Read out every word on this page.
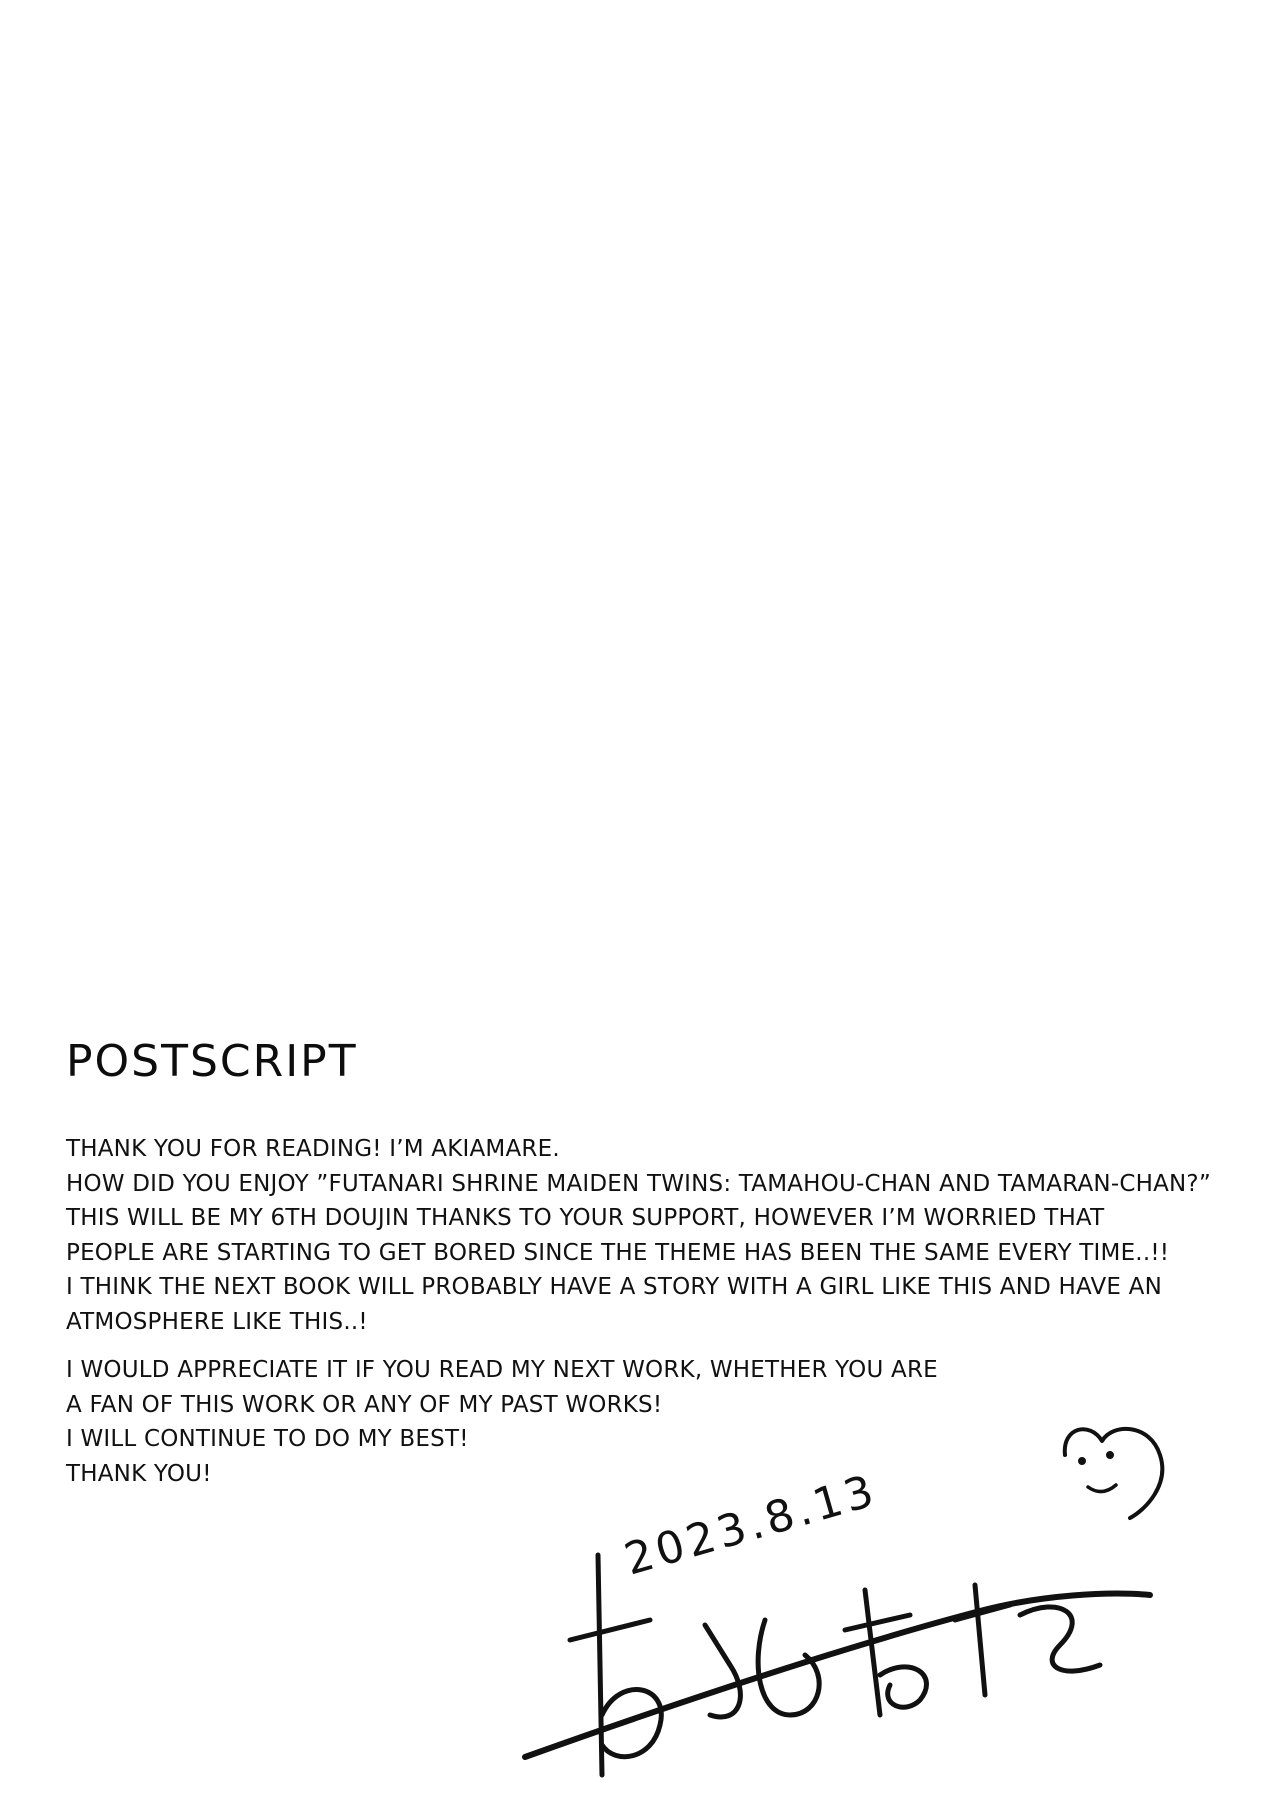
POSTSCRIPT

THANK YOU FOR READING! I’M AKIAMARE.
HOW DID YOU ENJOY ”FUTANARI SHRINE MAIDEN TWINS: TAMAHOU-CHAN AND TAMARAN-CHAN?”
THIS WILL BE MY 6TH DOUJIN THANKS TO YOUR SUPPORT, HOWEVER I’M WORRIED THAT
PEOPLE ARE STARTING TO GET BORED SINCE THE THEME HAS BEEN THE SAME EVERY TIME..!!
I THINK THE NEXT BOOK WILL PROBABLY HAVE A STORY WITH A GIRL LIKE THIS AND HAVE AN
ATMOSPHERE LIKE THIS..!

I WOULD APPRECIATE IT IF YOU READ MY NEXT WORK, WHETHER YOU ARE
A FAN OF THIS WORK OR ANY OF MY PAST WORKS!
I WILL CONTINUE TO DO MY BEST!
THANK YOU!	2023.8.13
